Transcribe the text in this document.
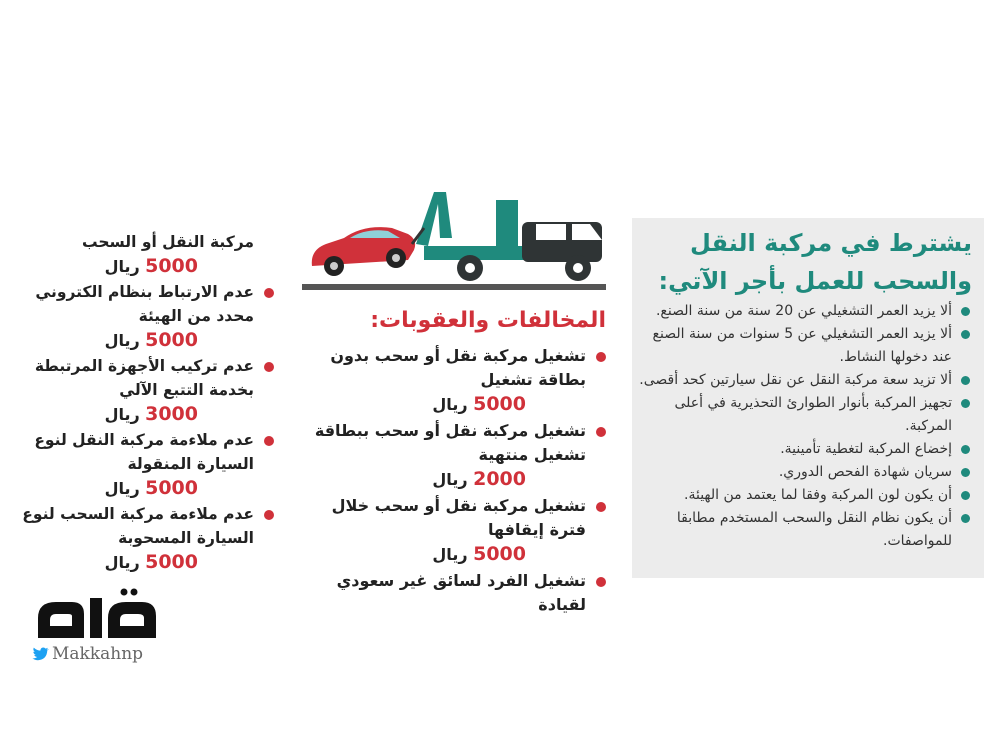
يشترط في مركبة النقل والسحب للعمل بأجر الآتي:
ألا يزيد العمر التشغيلي عن 20 سنة من سنة الصنع.
ألا يزيد العمر التشغيلي عن 5 سنوات من سنة الصنع عند دخولها النشاط.
ألا تزيد سعة مركبة النقل عن نقل سيارتين كحد أقصى.
تجهيز المركبة بأنوار الطوارئ التحذيرية في أعلى المركبة.
إخضاع المركبة لتغطية تأمينية.
سريان شهادة الفحص الدوري.
أن يكون لون المركبة وفقا لما يعتمد من الهيئة.
أن يكون نظام النقل والسحب المستخدم مطابقا للمواصفات.
المخالفات والعقوبات:
تشغيل مركبة نقل أو سحب بدون بطاقة تشغيل
5000 ريال
تشغيل مركبة نقل أو سحب ببطاقة تشغيل منتهية
2000 ريال
تشغيل مركبة نقل أو سحب خلال فترة إيقافها
5000 ريال
تشغيل الفرد لسائق غير سعودي لقيادة
مركبة النقل أو السحب
5000 ريال
عدم الارتباط بنظام الكتروني محدد من الهيئة
5000 ريال
عدم تركيب الأجهزة المرتبطة بخدمة التتبع الآلي
3000 ريال
عدم ملاءمة مركبة النقل لنوع السيارة المنقولة
5000 ريال
عدم ملاءمة مركبة السحب لنوع السيارة المسحوبة
5000 ريال
Makkahnp
